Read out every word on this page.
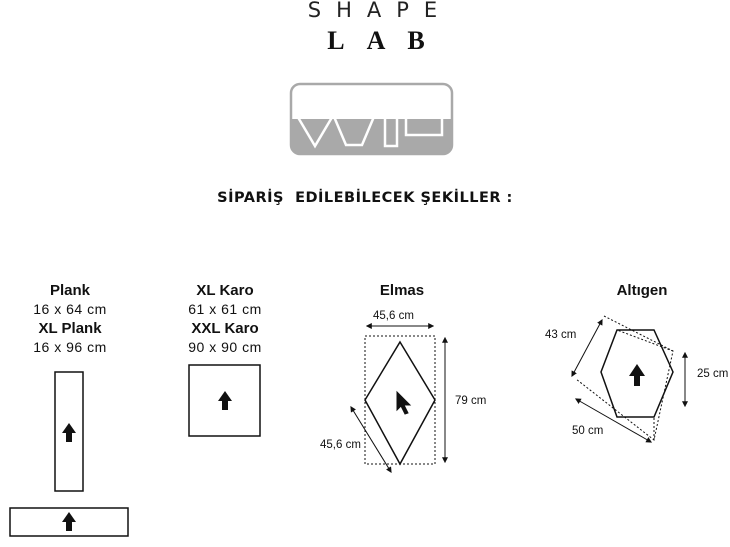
SHAPE
LAB
SİPARİŞ  EDİLEBİLECEK ŞEKİLLER :
Plank
16 x 64 cm
XL Plank
16 x 96 cm
XL Karo
61 x 61 cm
XXL Karo
90 x 90 cm
Elmas
45,6 cm
79 cm
45,6 cm
Altıgen
43 cm
25 cm
50 cm
